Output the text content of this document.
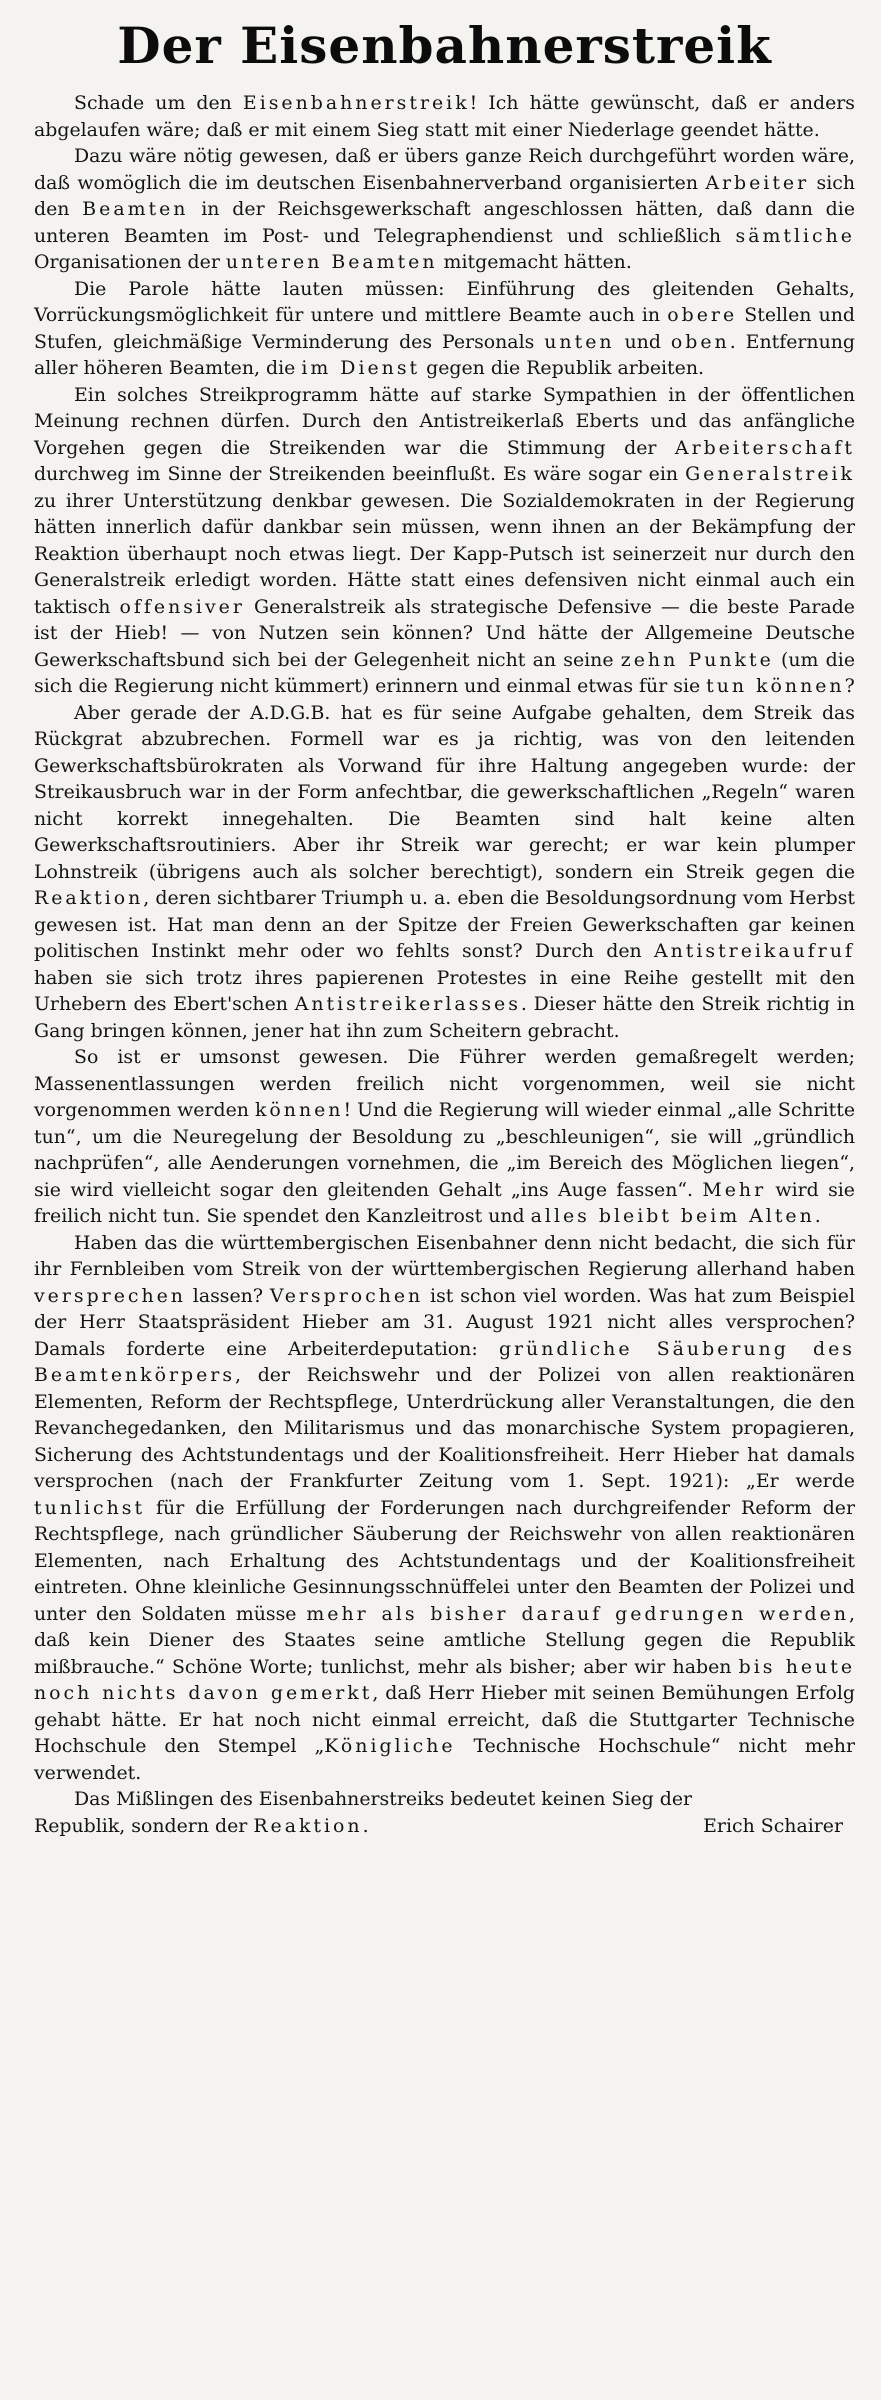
Der Eisenbahnerstreik

Schade um den Eisenbahnerstreik! Ich hätte gewünscht, daß er anders abgelaufen wäre; daß er mit einem Sieg statt mit einer Niederlage geendet hätte.

Dazu wäre nötig gewesen, daß er übers ganze Reich durchgeführt worden wäre, daß womöglich die im deutschen Eisenbahnerverband organisierten Arbeiter sich den Beamten in der Reichsgewerkschaft angeschlossen hätten, daß dann die unteren Beamten im Post- und Telegraphendienst und schließlich sämtliche Organisationen der unteren Beamten mitgemacht hätten.

Die Parole hätte lauten müssen: Einführung des gleitenden Gehalts, Vorrückungsmöglichkeit für untere und mittlere Beamte auch in obere Stellen und Stufen, gleichmäßige Verminderung des Personals unten und oben. Entfernung aller höheren Beamten, die im Dienst gegen die Republik arbeiten.

Ein solches Streikprogramm hätte auf starke Sympathien in der öffentlichen Meinung rechnen dürfen. Durch den Antistreikerlaß Eberts und das anfängliche Vorgehen gegen die Streikenden war die Stimmung der Arbeiterschaft durchweg im Sinne der Streikenden beeinflußt. Es wäre sogar ein Generalstreik zu ihrer Unterstützung denkbar gewesen. Die Sozialdemokraten in der Regierung hätten innerlich dafür dankbar sein müssen, wenn ihnen an der Bekämpfung der Reaktion überhaupt noch etwas liegt. Der Kapp-Putsch ist seinerzeit nur durch den Generalstreik erledigt worden. Hätte statt eines defensiven nicht einmal auch ein taktisch offensiver Generalstreik als strategische Defensive — die beste Parade ist der Hieb! — von Nutzen sein können? Und hätte der Allgemeine Deutsche Gewerkschaftsbund sich bei der Gelegenheit nicht an seine zehn Punkte (um die sich die Regierung nicht kümmert) erinnern und einmal etwas für sie tun können?

Aber gerade der A.D.G.B. hat es für seine Aufgabe gehalten, dem Streik das Rückgrat abzubrechen. Formell war es ja richtig, was von den leitenden Gewerkschaftsbürokraten als Vorwand für ihre Haltung angegeben wurde: der Streikausbruch war in der Form anfechtbar, die gewerkschaftlichen „Regeln“ waren nicht korrekt innegehalten. Die Beamten sind halt keine alten Gewerkschaftsroutiniers. Aber ihr Streik war gerecht; er war kein plumper Lohnstreik (übrigens auch als solcher berechtigt), sondern ein Streik gegen die Reaktion, deren sichtbarer Triumph u. a. eben die Besoldungsordnung vom Herbst gewesen ist. Hat man denn an der Spitze der Freien Gewerkschaften gar keinen politischen Instinkt mehr oder wo fehlts sonst? Durch den Antistreikaufruf haben sie sich trotz ihres papierenen Protestes in eine Reihe gestellt mit den Urhebern des Ebert'schen Antistreikerlasses. Dieser hätte den Streik richtig in Gang bringen können, jener hat ihn zum Scheitern gebracht.

So ist er umsonst gewesen. Die Führer werden gemaßregelt werden; Massenentlassungen werden freilich nicht vorgenommen, weil sie nicht vorgenommen werden können! Und die Regierung will wieder einmal „alle Schritte tun“, um die Neuregelung der Besoldung zu „beschleunigen“, sie will „gründlich nachprüfen“, alle Aenderungen vornehmen, die „im Bereich des Möglichen liegen“, sie wird vielleicht sogar den gleitenden Gehalt „ins Auge fassen“. Mehr wird sie freilich nicht tun. Sie spendet den Kanzleitrost und alles bleibt beim Alten.

Haben das die württembergischen Eisenbahner denn nicht bedacht, die sich für ihr Fernbleiben vom Streik von der württembergischen Regierung allerhand haben versprechen lassen? Versprochen ist schon viel worden. Was hat zum Beispiel der Herr Staatspräsident Hieber am 31. August 1921 nicht alles versprochen? Damals forderte eine Arbeiterdeputation: gründliche Säuberung des Beamtenkörpers, der Reichswehr und der Polizei von allen reaktionären Elementen, Reform der Rechtspflege, Unterdrückung aller Veranstaltungen, die den Revanchegedanken, den Militarismus und das monarchische System propagieren, Sicherung des Achtstundentags und der Koalitionsfreiheit. Herr Hieber hat damals versprochen (nach der Frankfurter Zeitung vom 1. Sept. 1921): „Er werde tunlichst für die Erfüllung der Forderungen nach durchgreifender Reform der Rechtspflege, nach gründlicher Säuberung der Reichswehr von allen reaktionären Elementen, nach Erhaltung des Achtstundentags und der Koalitionsfreiheit eintreten. Ohne kleinliche Gesinnungsschnüffelei unter den Beamten der Polizei und unter den Soldaten müsse mehr als bisher darauf gedrungen werden, daß kein Diener des Staates seine amtliche Stellung gegen die Republik mißbrauche.“ Schöne Worte; tunlichst, mehr als bisher; aber wir haben bis heute noch nichts davon gemerkt, daß Herr Hieber mit seinen Bemühungen Erfolg gehabt hätte. Er hat noch nicht einmal erreicht, daß die Stuttgarter Technische Hochschule den Stempel „Königliche Technische Hochschule“ nicht mehr verwendet.

Das Mißlingen des Eisenbahnerstreiks bedeutet keinen Sieg der

Republik, sondern der Reaktion.	Erich Schairer
